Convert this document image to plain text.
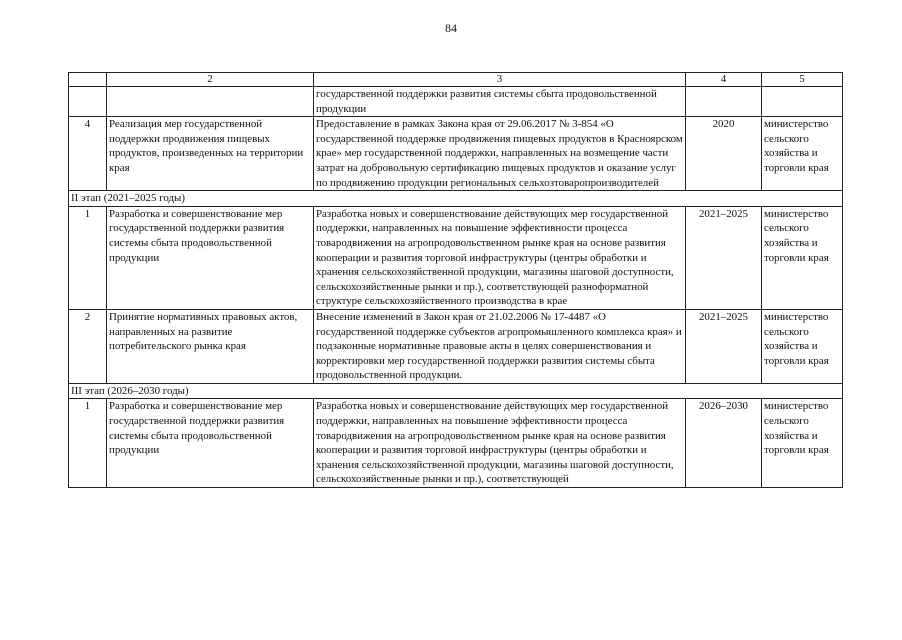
84
	2	3	4	5
		государственной поддержки развития системы сбыта продовольственной продукции		
4	Реализация мер государственной поддержки продвижения пищевых продуктов, произведенных на территории края	Предоставление в рамках Закона края от 29.06.2017 № 3-854 «О государственной поддержке продвижения пищевых продуктов в Красноярском крае» мер государственной поддержки, направленных на возмещение части затрат на добровольную сертификацию пищевых продуктов и оказание услуг по продвижению продукции региональных сельхозтоваропроизводителей	2020	министерство сельского хозяйства и торговли края
II этап (2021–2025 годы)				
1	Разработка и совершенствование мер государственной поддержки развития системы сбыта продовольственной продукции	Разработка новых и совершенствование действующих мер государственной поддержки, направленных на повышение эффективности процесса товародвижения на агропродовольственном рынке края на основе развития кооперации и развития торговой инфраструктуры (центры обработки и хранения сельскохозяйственной продукции, магазины шаговой доступности, сельскохозяйственные рынки и пр.), соответствующей разноформатной структуре сельскохозяйственного производства в крае	2021–2025	министерство сельского хозяйства и торговли края
2	Принятие нормативных правовых актов, направленных на развитие потребительского рынка края	Внесение изменений в Закон края от 21.02.2006 № 17-4487 «О государственной поддержке субъектов агропромышленного комплекса края» и подзаконные нормативные правовые акты в целях совершенствования и корректировки мер государственной поддержки развития системы сбыта продовольственной продукции.	2021–2025	министерство сельского хозяйства и торговли края
III этап (2026–2030 годы)				
1	Разработка и совершенствование мер государственной поддержки развития системы сбыта продовольственной продукции	Разработка новых и совершенствование действующих мер государственной поддержки, направленных на повышение эффективности процесса товародвижения на агропродовольственном рынке края на основе развития кооперации и развития торговой инфраструктуры (центры обработки и хранения сельскохозяйственной продукции, магазины шаговой доступности, сельскохозяйственные рынки и пр.), соответствующей	2026–2030	министерство сельского хозяйства и торговли края
